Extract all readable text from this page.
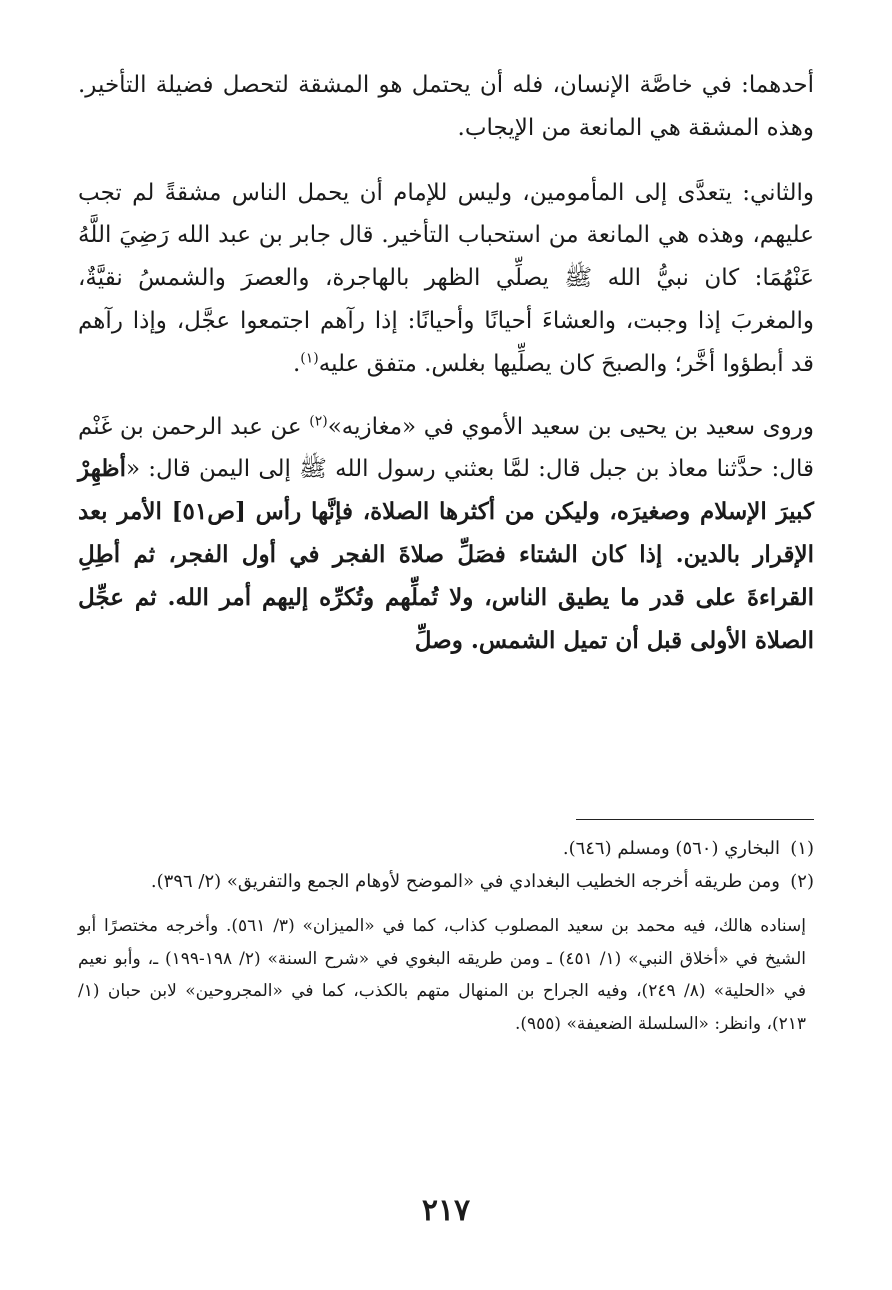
أحدهما: في خاصَّة الإنسان، فله أن يحتمل هو المشقة لتحصل فضيلة التأخير. وهذه المشقة هي المانعة من الإيجاب.

والثاني: يتعدَّى إلى المأمومين، وليس للإمام أن يحمل الناس مشقةً لم تجب عليهم، وهذه هي المانعة من استحباب التأخير. قال جابر بن عبد الله رَضِيَ اللَّهُ عَنْهُمَا: كان نبيُّ الله ﷺ يصلِّي الظهر بالهاجرة، والعصرَ والشمسُ نقيَّةٌ، والمغربَ إذا وجبت، والعشاءَ أحيانًا وأحيانًا: إذا رآهم اجتمعوا عجَّل، وإذا رآهم قد أبطؤوا أخَّر؛ والصبحَ كان يصلِّيها بغلس. متفق عليه$^{(١)}$.

وروى سعيد بن يحيى بن سعيد الأموي في «مغازيه»$^{(٢)}$ عن عبد الرحمن بن غَنْم قال: حدَّثنا معاذ بن جبل قال: لمَّا بعثني رسول الله ﷺ إلى اليمن قال: «أظهِرْ كبيرَ الإسلام وصغيرَه، وليكن من أكثرها الصلاة، فإنَّها رأس [ص٥١] الأمر بعد الإقرار بالدين. إذا كان الشتاء فصَلِّ صلاةَ الفجر في أول الفجر، ثم أطِلِ القراءةَ على قدر ما يطيق الناس، ولا تُملِّهم وتُكرِّه إليهم أمر الله. ثم عجِّل الصلاة الأولى قبل أن تميل الشمس. وصلِّ

(١)البخاري (٥٦٠) ومسلم (٦٤٦).

(٢)ومن طريقه أخرجه الخطيب البغدادي في «الموضح لأوهام الجمع والتفريق» (٢/ ٣٩٦).

إسناده هالك، فيه محمد بن سعيد المصلوب كذاب، كما في «الميزان» (٣/ ٥٦١). وأخرجه مختصرًا أبو الشيخ في «أخلاق النبي» (١/ ٤٥١) ـ ومن طريقه البغوي في «شرح السنة» (٢/ ١٩٨-١٩٩) ـ، وأبو نعيم في «الحلية» (٨/ ٢٤٩)، وفيه الجراح بن المنهال متهم بالكذب، كما في «المجروحين» لابن حبان (١/ ٢١٣)، وانظر: «السلسلة الضعيفة» (٩٥٥).

٢١٧
